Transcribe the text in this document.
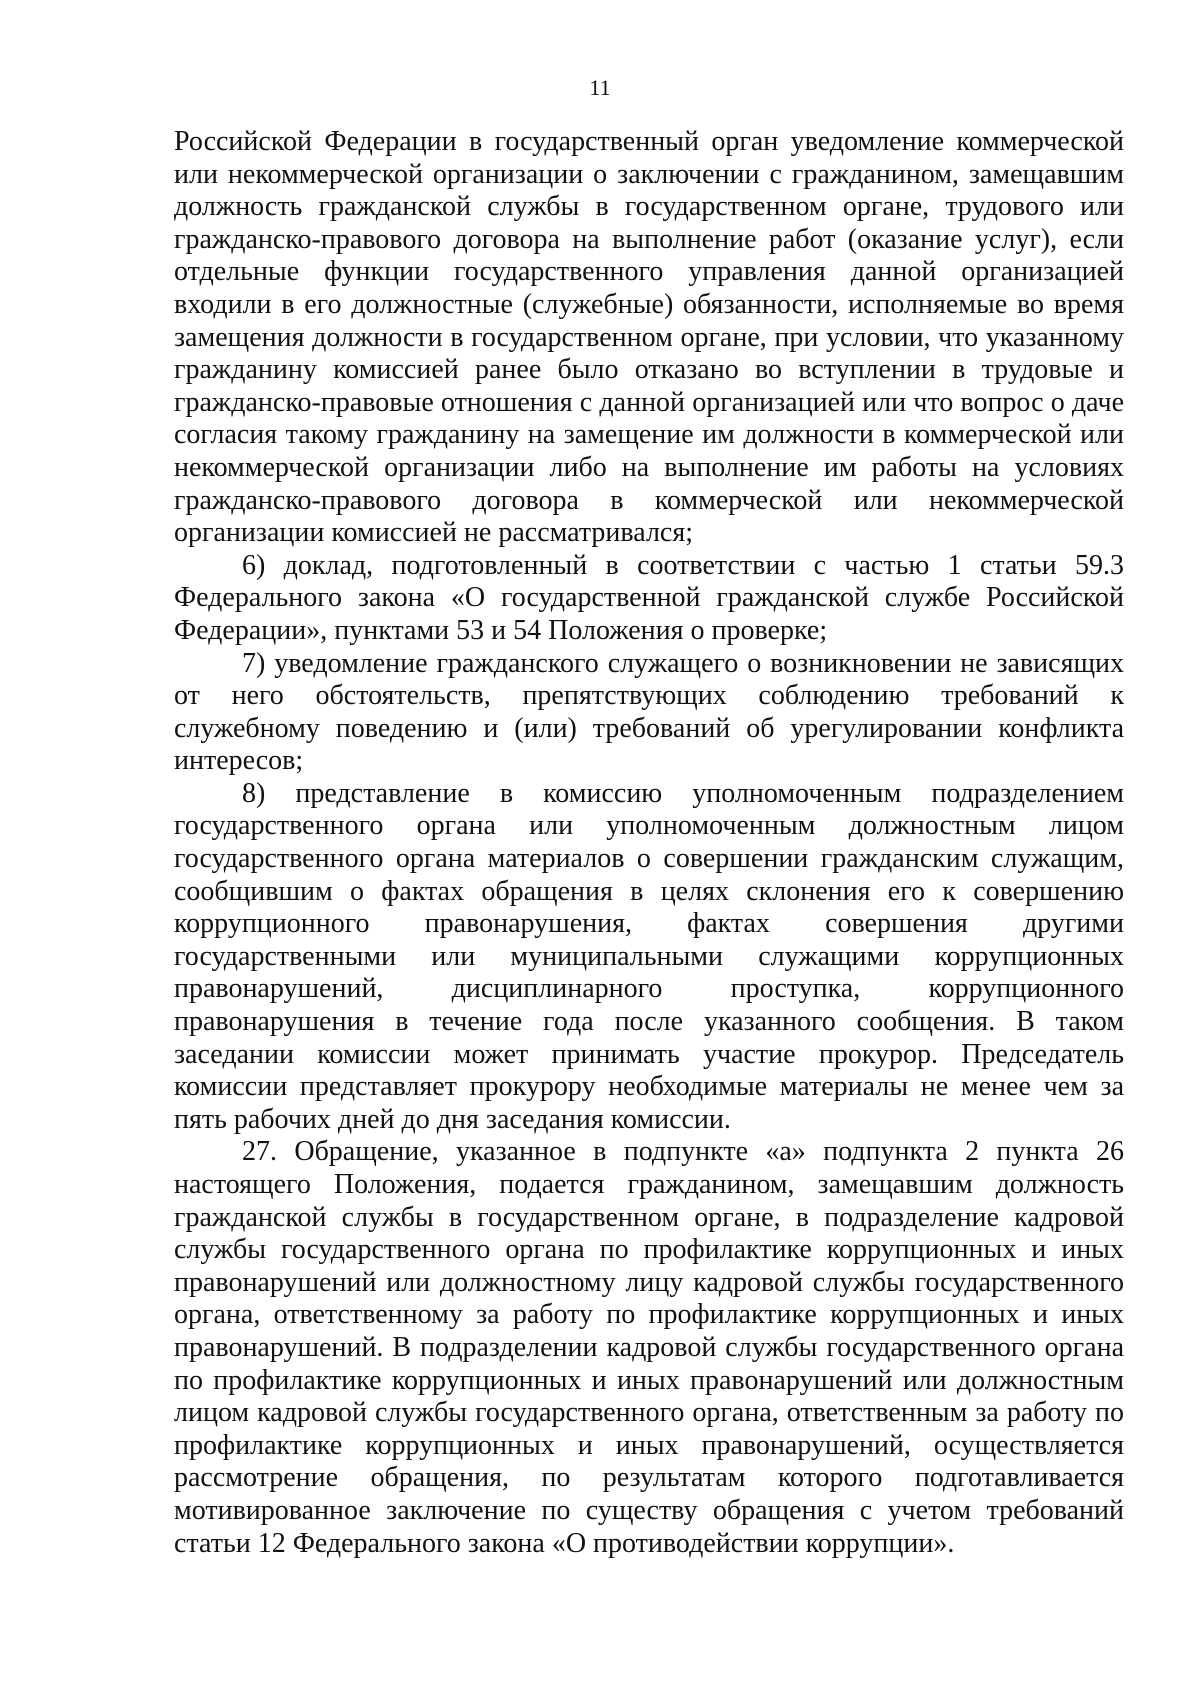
11

Российской Федерации в государственный орган уведомление коммерческой или некоммерческой организации о заключении с гражданином, замещавшим должность гражданской службы в государственном органе, трудового или гражданско-правового договора на выполнение работ (оказание услуг), если отдельные функции государственного управления данной организацией входили в его должностные (служебные) обязанности, исполняемые во время замещения должности в государственном органе, при условии, что указанному гражданину комиссией ранее было отказано во вступлении в трудовые и гражданско-правовые отношения с данной организацией или что вопрос о даче согласия такому гражданину на замещение им должности в коммерческой или некоммерческой организации либо на выполнение им работы на условиях гражданско-правового договора в коммерческой или некоммерческой организации комиссией не рассматривался;

6) доклад, подготовленный в соответствии с частью 1 статьи 59.3 Федерального закона «О государственной гражданской службе Российской Федерации», пунктами 53 и 54 Положения о проверке;

7) уведомление гражданского служащего о возникновении не зависящих от него обстоятельств, препятствующих соблюдению требований к служебному поведению и (или) требований об урегулировании конфликта интересов;

8) представление в комиссию уполномоченным подразделением государственного органа или уполномоченным должностным лицом государственного органа материалов о совершении гражданским служащим, сообщившим о фактах обращения в целях склонения его к совершению коррупционного правонарушения, фактах совершения другими государственными или муниципальными служащими коррупционных правонарушений, дисциплинарного проступка, коррупционного правонарушения в течение года после указанного сообщения. В таком заседании комиссии может принимать участие прокурор. Председатель комиссии представляет прокурору необходимые материалы не менее чем за пять рабочих дней до дня заседания комиссии.

27. Обращение, указанное в подпункте «а» подпункта 2 пункта 26 настоящего Положения, подается гражданином, замещавшим должность гражданской службы в государственном органе, в подразделение кадровой службы государственного органа по профилактике коррупционных и иных правонарушений или должностному лицу кадровой службы государственного органа, ответственному за работу по профилактике коррупционных и иных правонарушений. В подразделении кадровой службы государственного органа по профилактике коррупционных и иных правонарушений или должностным лицом кадровой службы государственного органа, ответственным за работу по профилактике коррупционных и иных правонарушений, осуществляется рассмотрение обращения, по результатам которого подготавливается мотивированное заключение по существу обращения с учетом требований статьи 12 Федерального закона «О противодействии коррупции».
